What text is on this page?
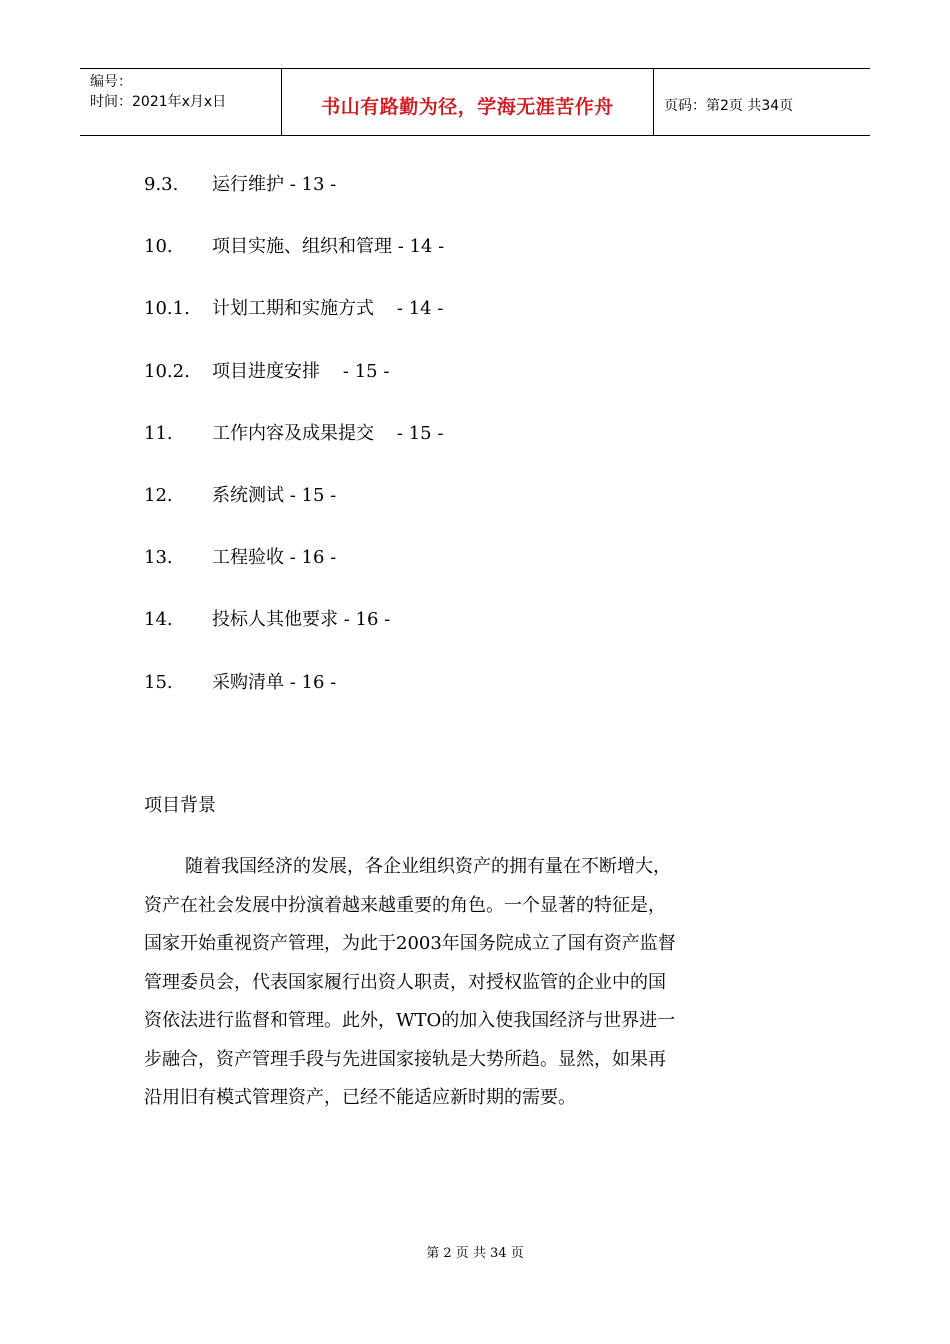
编号：
时间：2021年x月x日	书山有路勤为径，学海无涯苦作舟	页码：第2页 共34页
9.3.	运行维护 - 13 -
10.	项目实施、组织和管理 - 14 -
10.1.	计划工期和实施方式 - 14 -
10.2.	项目进度安排 - 15 -
11.	工作内容及成果提交 - 15 -
12.	系统测试 - 15 -
13.	工程验收 - 16 -
14.	投标人其他要求 - 16 -
15.	采购清单 - 16 -
项目背景

随着我国经济的发展，各企业组织资产的拥有量在不断增大，
资产在社会发展中扮演着越来越重要的角色。一个显著的特征是，
国家开始重视资产管理，为此于2003年国务院成立了国有资产监督
管理委员会，代表国家履行出资人职责，对授权监管的企业中的国
资依法进行监督和管理。此外，WTO的加入使我国经济与世界进一
步融合，资产管理手段与先进国家接轨是大势所趋。显然，如果再
沿用旧有模式管理资产，已经不能适应新时期的需要。

第 2 页 共 34 页
